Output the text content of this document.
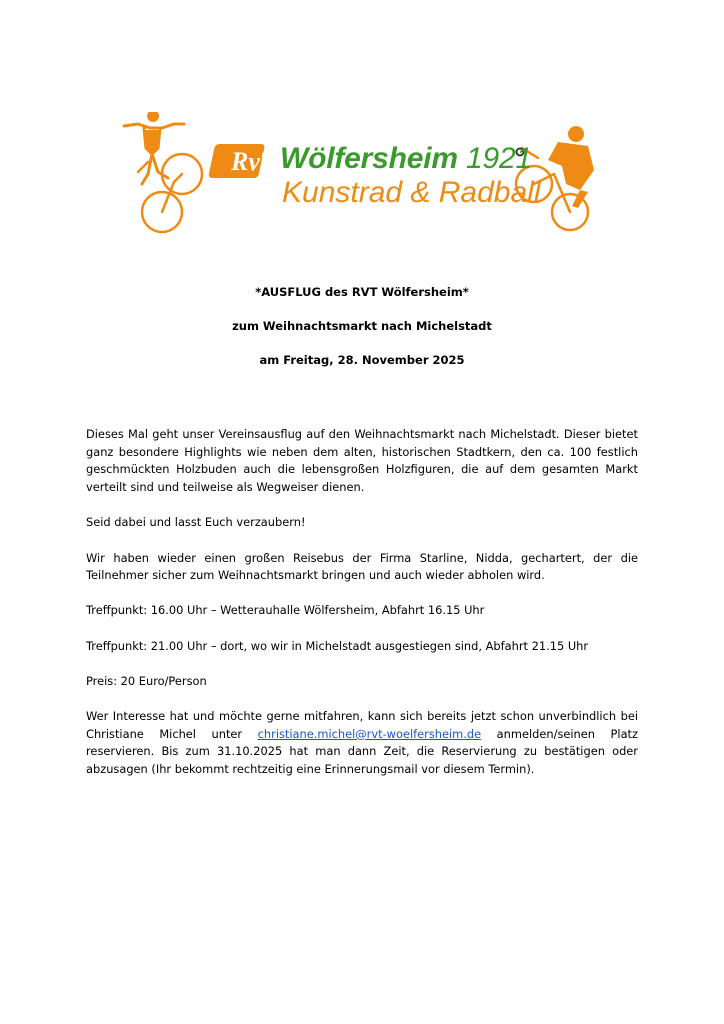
RvT Wölfersheim 1921
Kunstrad & Radball

*AUSFLUG des RVT Wölfersheim*

zum Weihnachtsmarkt nach Michelstadt

am Freitag, 28. November 2025

Dieses Mal geht unser Vereinsausflug auf den Weihnachtsmarkt nach Michelstadt. Dieser bietet ganz besondere Highlights wie neben dem alten, historischen Stadtkern, den ca. 100 festlich geschmückten Holzbuden auch die lebensgroßen Holzfiguren, die auf dem gesamten Markt verteilt sind und teilweise als Wegweiser dienen.

Seid dabei und lasst Euch verzaubern!

Wir haben wieder einen großen Reisebus der Firma Starline, Nidda, gechartert, der die Teilnehmer sicher zum Weihnachtsmarkt bringen und auch wieder abholen wird.

Treffpunkt: 16.00 Uhr – Wetterauhalle Wölfersheim, Abfahrt 16.15 Uhr

Treffpunkt: 21.00 Uhr – dort, wo wir in Michelstadt ausgestiegen sind, Abfahrt 21.15 Uhr

Preis: 20 Euro/Person

Wer Interesse hat und möchte gerne mitfahren, kann sich bereits jetzt schon unverbindlich bei Christiane Michel unter christiane.michel@rvt-woelfersheim.de anmelden/seinen Platz reservieren. Bis zum 31.10.2025 hat man dann Zeit, die Reservierung zu bestätigen oder abzusagen (Ihr bekommt rechtzeitig eine Erinnerungsmail vor diesem Termin).
